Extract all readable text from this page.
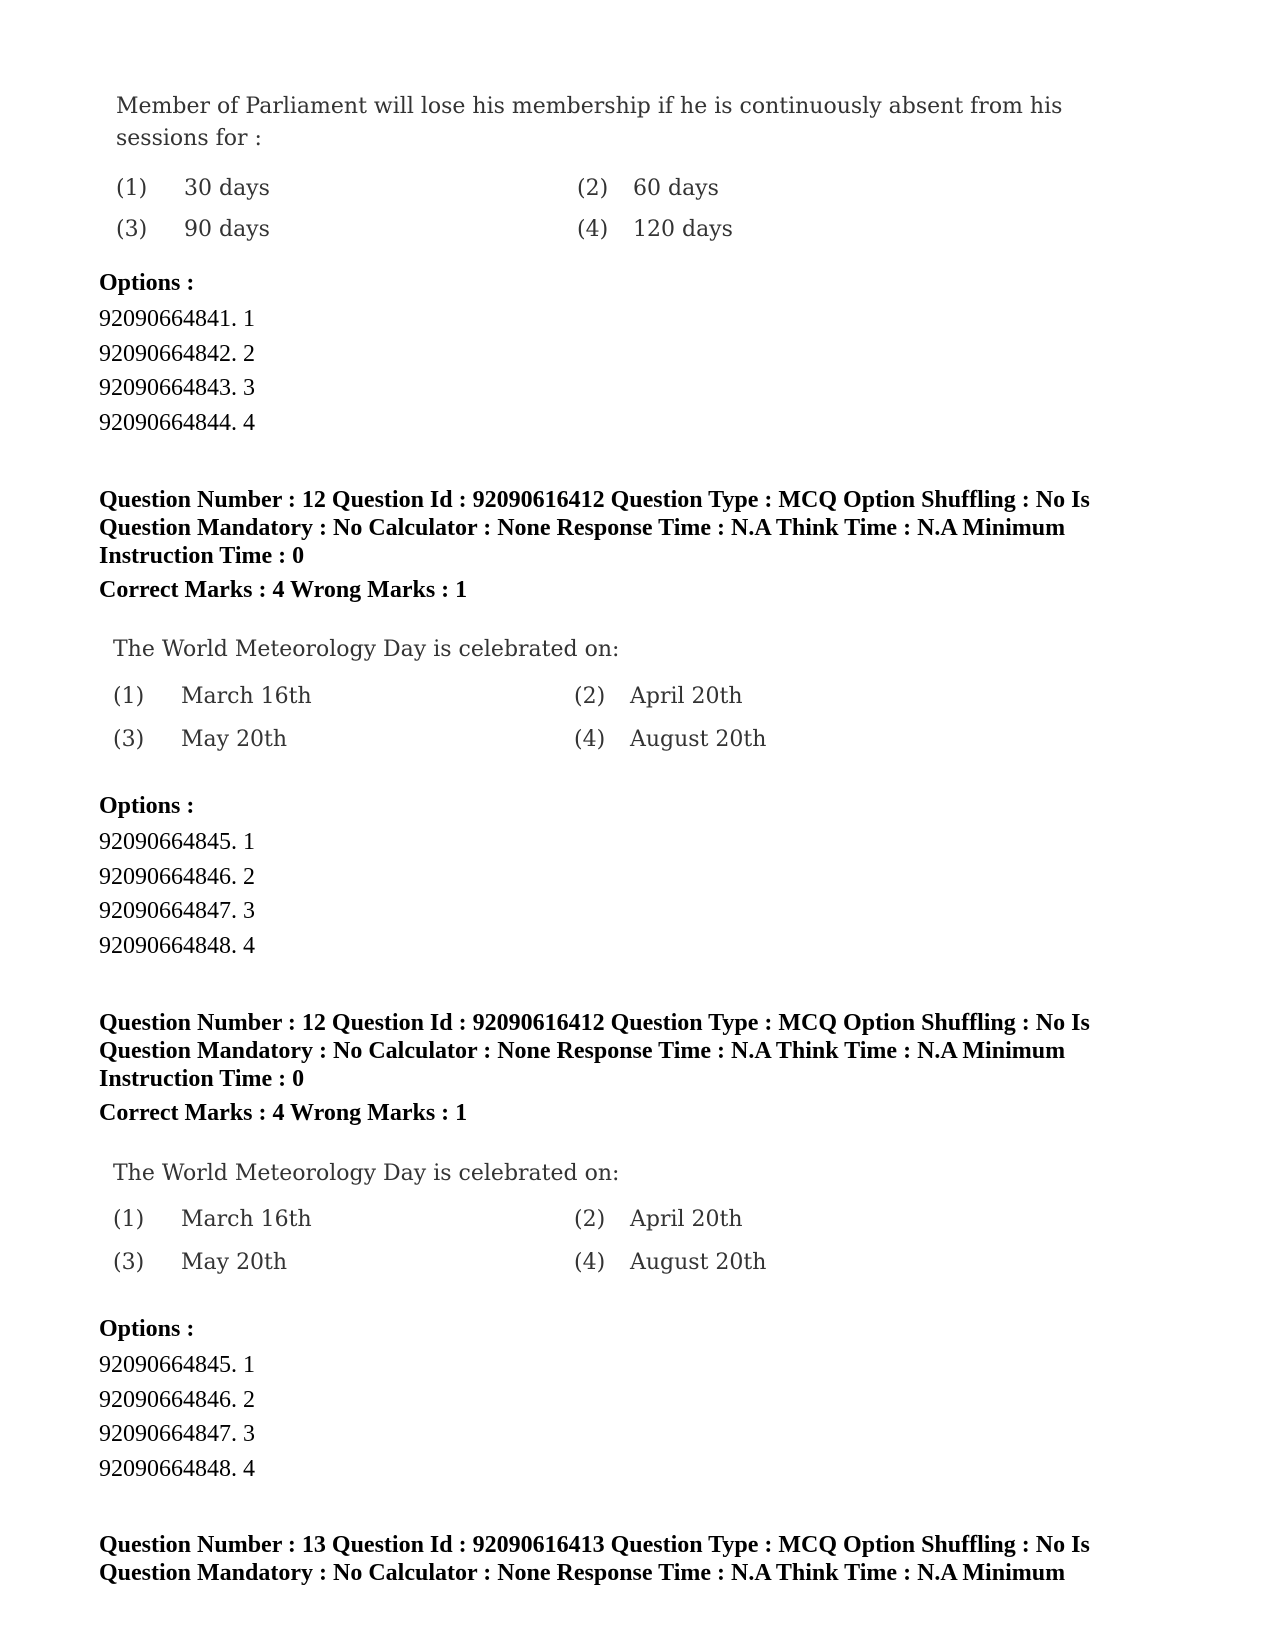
Member of Parliament will lose his membership if he is continuously absent from his
sessions for :
(1) 30 days	(2) 60 days
(3) 90 days	(4) 120 days
Options :
92090664841. 1
92090664842. 2
92090664843. 3
92090664844. 4
Question Number : 12 Question Id : 92090616412 Question Type : MCQ Option Shuffling : No Is Question Mandatory : No Calculator : None Response Time : N.A Think Time : N.A Minimum Instruction Time : 0
Correct Marks : 4 Wrong Marks : 1
The World Meteorology Day is celebrated on:
(1) March 16th	(2) April 20th
(3) May 20th	(4) August 20th
Options :
92090664845. 1
92090664846. 2
92090664847. 3
92090664848. 4
Question Number : 12 Question Id : 92090616412 Question Type : MCQ Option Shuffling : No Is Question Mandatory : No Calculator : None Response Time : N.A Think Time : N.A Minimum Instruction Time : 0
Correct Marks : 4 Wrong Marks : 1
The World Meteorology Day is celebrated on:
(1) March 16th	(2) April 20th
(3) May 20th	(4) August 20th
Options :
92090664845. 1
92090664846. 2
92090664847. 3
92090664848. 4
Question Number : 13 Question Id : 92090616413 Question Type : MCQ Option Shuffling : No Is Question Mandatory : No Calculator : None Response Time : N.A Think Time : N.A Minimum
